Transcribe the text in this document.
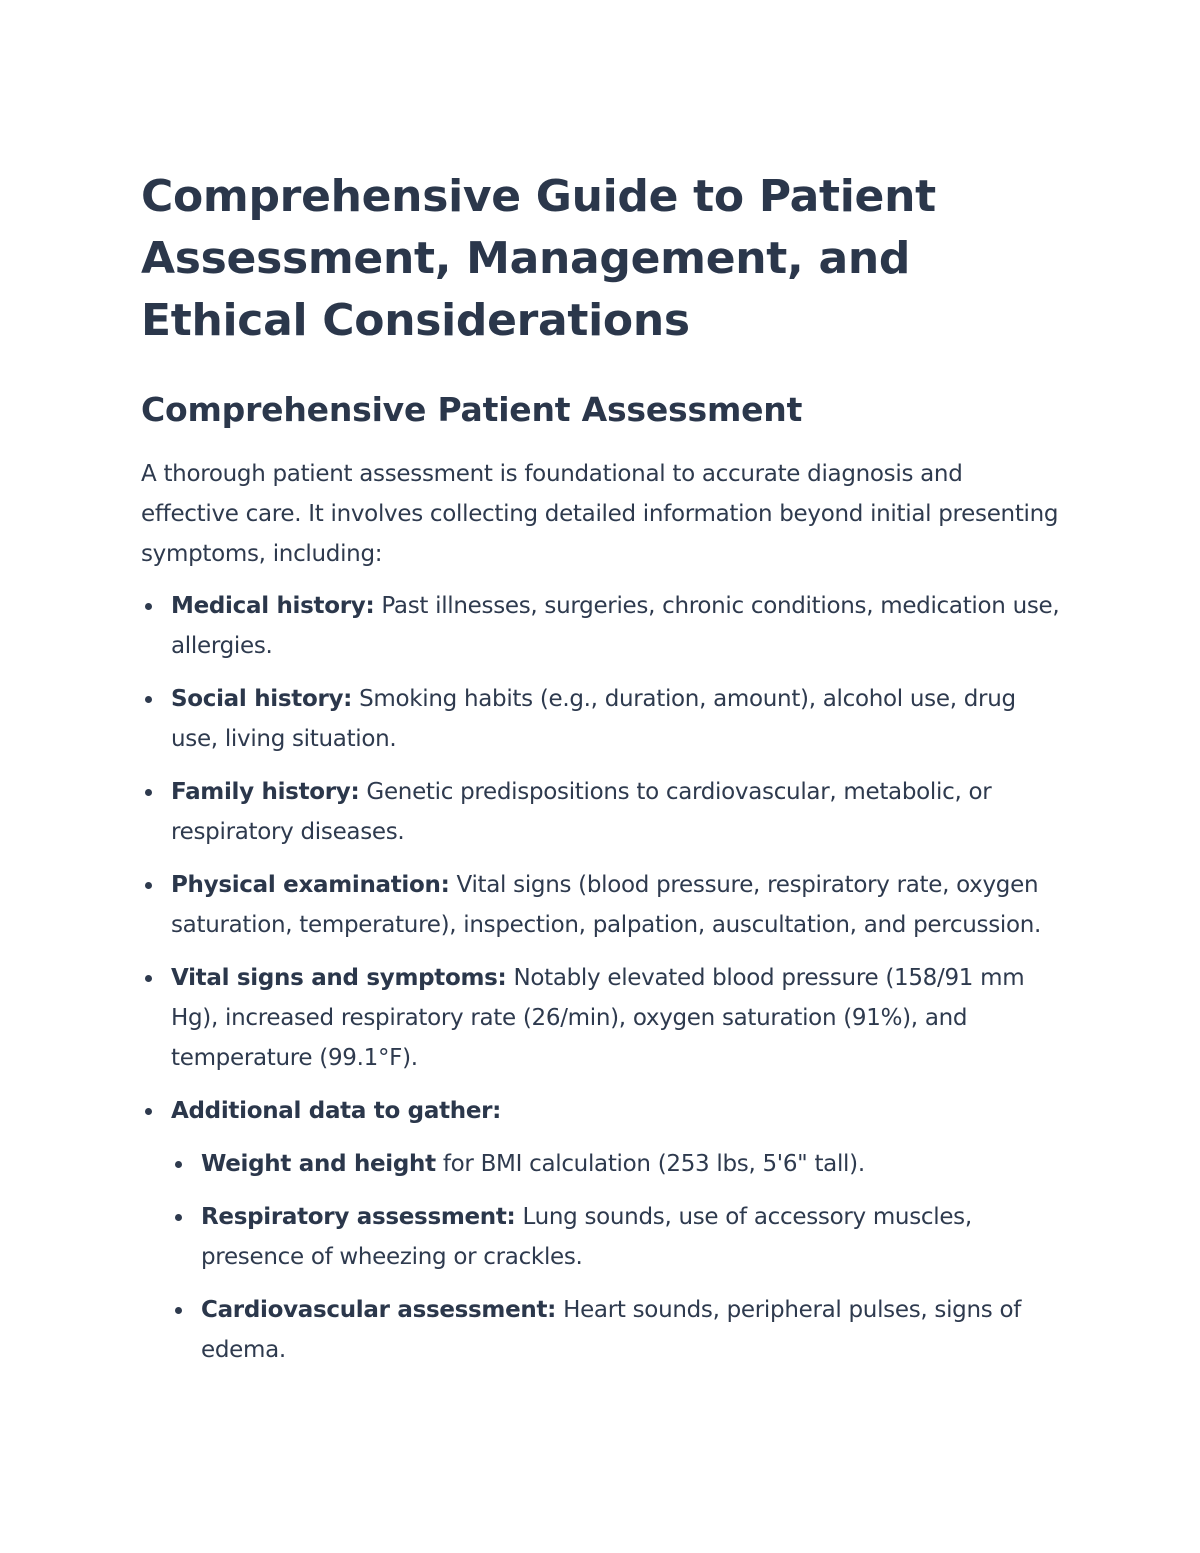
Comprehensive Guide to Patient Assessment, Management, and Ethical Considerations
Comprehensive Patient Assessment

A thorough patient assessment is foundational to accurate diagnosis and effective care. It involves collecting detailed information beyond initial presenting symptoms, including:

Medical history: Past illnesses, surgeries, chronic conditions, medication use, allergies.
Social history: Smoking habits (e.g., duration, amount), alcohol use, drug use, living situation.
Family history: Genetic predispositions to cardiovascular, metabolic, or respiratory diseases.
Physical examination: Vital signs (blood pressure, respiratory rate, oxygen saturation, temperature), inspection, palpation, auscultation, and percussion.
Vital signs and symptoms: Notably elevated blood pressure (158/91 mm Hg), increased respiratory rate (26/min), oxygen saturation (91%), and temperature (99.1°F).
Additional data to gather:
Weight and height for BMI calculation (253 lbs, 5'6" tall).
Respiratory assessment: Lung sounds, use of accessory muscles, presence of wheezing or crackles.
Cardiovascular assessment: Heart sounds, peripheral pulses, signs of edema.
